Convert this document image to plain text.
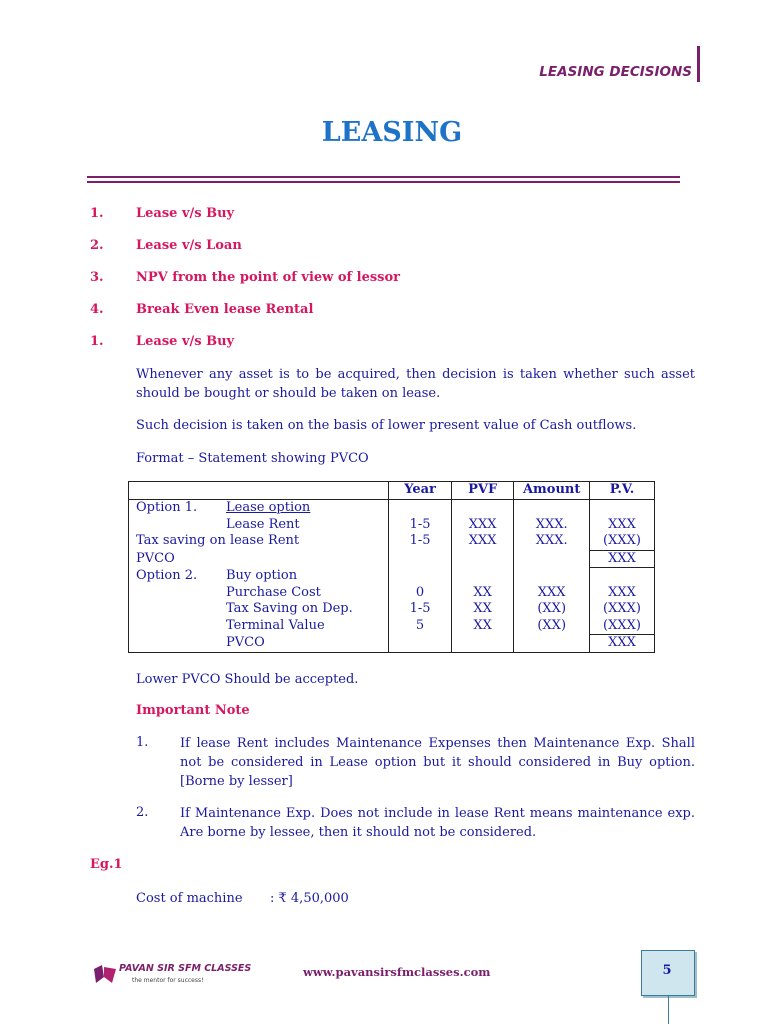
LEASING DECISIONS
LEASING
1. Lease v/s Buy
2. Lease v/s Loan
3. NPV from the point of view of lessor
4. Break Even lease Rental
1. Lease v/s Buy
Whenever any asset is to be acquired, then decision is taken whether such asset should be bought or should be taken on lease.
Such decision is taken on the basis of lower present value of Cash outflows.
Format – Statement showing PVCO
	Year	PVF	Amount	P.V.
Option 1. Lease option				
Lease Rent	1-5	XXX	XXX.	XXX
Tax saving on lease Rent	1-5	XXX	XXX.	(XXX)
PVCO				XXX
Option 2. Buy option				
Purchase Cost	0	XX	XXX	XXX
Tax Saving on Dep.	1-5	XX	(XX)	(XXX)
Terminal Value	5	XX	(XX)	(XXX)
PVCO				XXX
Lower PVCO Should be accepted.
Important Note
1. If lease Rent includes Maintenance Expenses then Maintenance Exp. Shall not be considered in Lease option but it should considered in Buy option. [Borne by lesser]
2. If Maintenance Exp. Does not include in lease Rent means maintenance exp. Are borne by lessee, then it should not be considered.
Eg.1
Cost of machine : ₹ 4,50,000
PAVAN SIR SFM CLASSES
the mentor for success!
www.pavansirsfmclasses.com	5
